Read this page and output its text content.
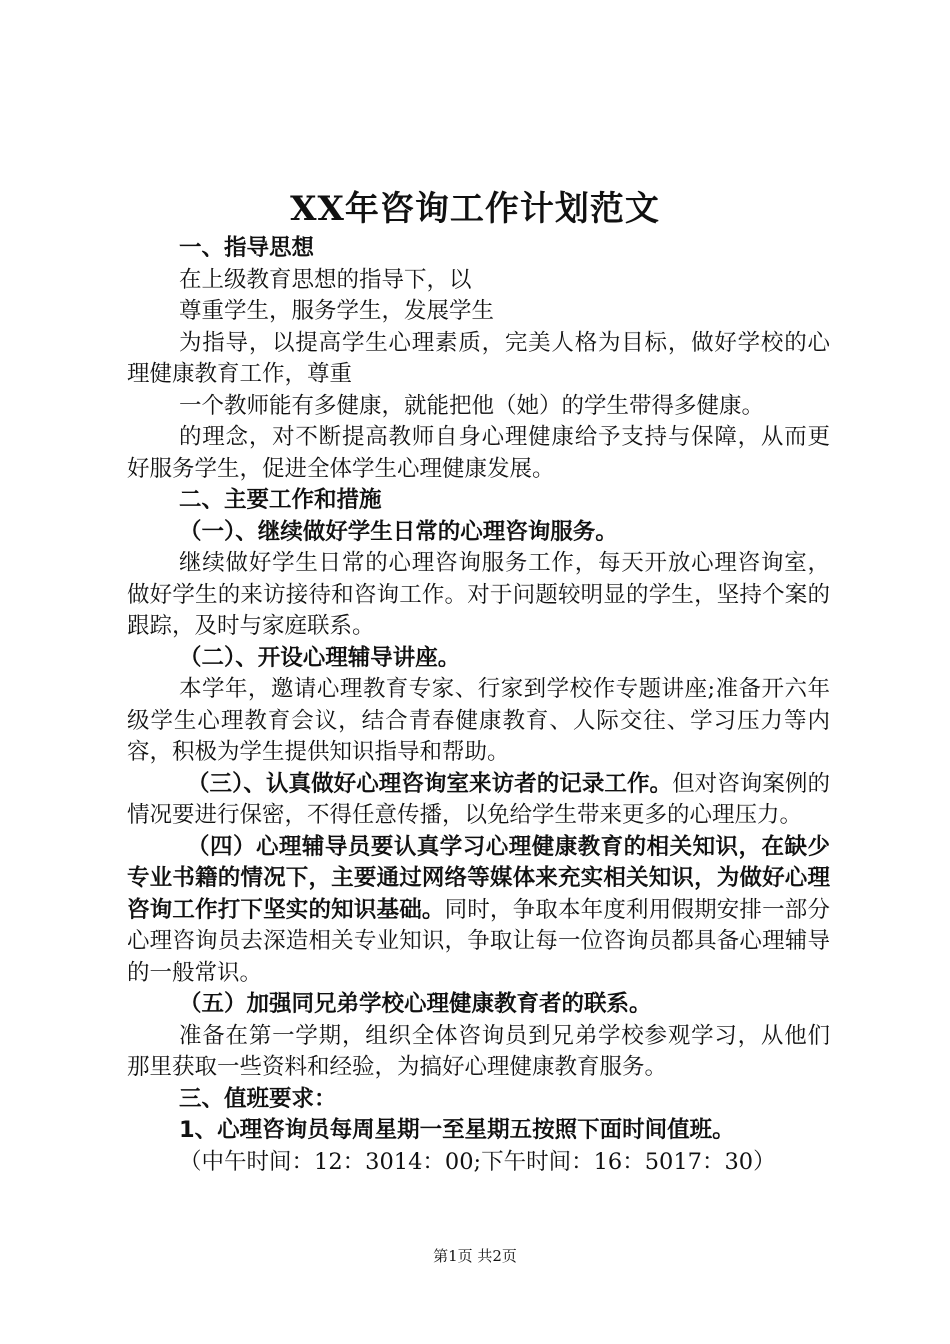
XX年咨询工作计划范文

一、指导思想

在上级教育思想的指导下，以

尊重学生，服务学生，发展学生

为指导，以提高学生心理素质，完美人格为目标，做好学校的心理健康教育工作，尊重

一个教师能有多健康，就能把他（她）的学生带得多健康。

的理念，对不断提高教师自身心理健康给予支持与保障，从而更好服务学生，促进全体学生心理健康发展。

二、主要工作和措施

（一）、继续做好学生日常的心理咨询服务。

继续做好学生日常的心理咨询服务工作，每天开放心理咨询室，做好学生的来访接待和咨询工作。对于问题较明显的学生，坚持个案的跟踪，及时与家庭联系。

（二）、开设心理辅导讲座。

本学年，邀请心理教育专家、行家到学校作专题讲座;准备开六年级学生心理教育会议，结合青春健康教育、人际交往、学习压力等内容，积极为学生提供知识指导和帮助。

（三）、认真做好心理咨询室来访者的记录工作。但对咨询案例的情况要进行保密，不得任意传播，以免给学生带来更多的心理压力。

（四）心理辅导员要认真学习心理健康教育的相关知识，在缺少专业书籍的情况下，主要通过网络等媒体来充实相关知识，为做好心理咨询工作打下坚实的知识基础。同时，争取本年度利用假期安排一部分心理咨询员去深造相关专业知识，争取让每一位咨询员都具备心理辅导的一般常识。

（五）加强同兄弟学校心理健康教育者的联系。

准备在第一学期，组织全体咨询员到兄弟学校参观学习，从他们那里获取一些资料和经验，为搞好心理健康教育服务。

三、值班要求：

1、心理咨询员每周星期一至星期五按照下面时间值班。

（中午时间：12：3014：00;下午时间：16：5017：30）

第1页 共2页
